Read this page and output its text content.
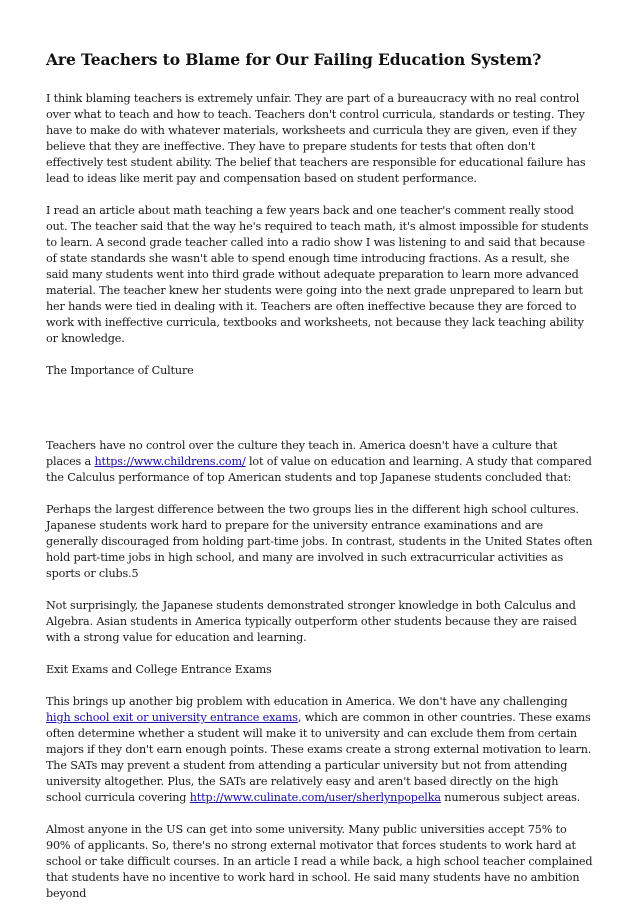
Are Teachers to Blame for Our Failing Education System?

I think blaming teachers is extremely unfair. They are part of a bureaucracy with no real control over what to teach and how to teach. Teachers don't control curricula, standards or testing. They have to make do with whatever materials, worksheets and curricula they are given, even if they believe that they are ineffective. They have to prepare students for tests that often don't effectively test student ability. The belief that teachers are responsible for educational failure has lead to ideas like merit pay and compensation based on student performance.

I read an article about math teaching a few years back and one teacher's comment really stood out. The teacher said that the way he's required to teach math, it's almost impossible for students to learn. A second grade teacher called into a radio show I was listening to and said that because of state standards she wasn't able to spend enough time introducing fractions. As a result, she said many students went into third grade without adequate preparation to learn more advanced material. The teacher knew her students were going into the next grade unprepared to learn but her hands were tied in dealing with it. Teachers are often ineffective because they are forced to work with ineffective curricula, textbooks and worksheets, not because they lack teaching ability or knowledge.

The Importance of Culture

Teachers have no control over the culture they teach in. America doesn't have a culture that places a https://www.childrens.com/ lot of value on education and learning. A study that compared the Calculus performance of top American students and top Japanese students concluded that:

Perhaps the largest difference between the two groups lies in the different high school cultures. Japanese students work hard to prepare for the university entrance examinations and are generally discouraged from holding part-time jobs. In contrast, students in the United States often hold part-time jobs in high school, and many are involved in such extracurricular activities as sports or clubs.5

Not surprisingly, the Japanese students demonstrated stronger knowledge in both Calculus and Algebra. Asian students in America typically outperform other students because they are raised with a strong value for education and learning.

Exit Exams and College Entrance Exams

This brings up another big problem with education in America. We don't have any challenging high school exit or university entrance exams, which are common in other countries. These exams often determine whether a student will make it to university and can exclude them from certain majors if they don't earn enough points. These exams create a strong external motivation to learn. The SATs may prevent a student from attending a particular university but not from attending university altogether. Plus, the SATs are relatively easy and aren't based directly on the high school curricula covering http://www.culinate.com/user/sherlynpopelka numerous subject areas.

Almost anyone in the US can get into some university. Many public universities accept 75% to 90% of applicants. So, there's no strong external motivator that forces students to work hard at school or take difficult courses. In an article I read a while back, a high school teacher complained that students have no incentive to work hard in school. He said many students have no ambition beyond
